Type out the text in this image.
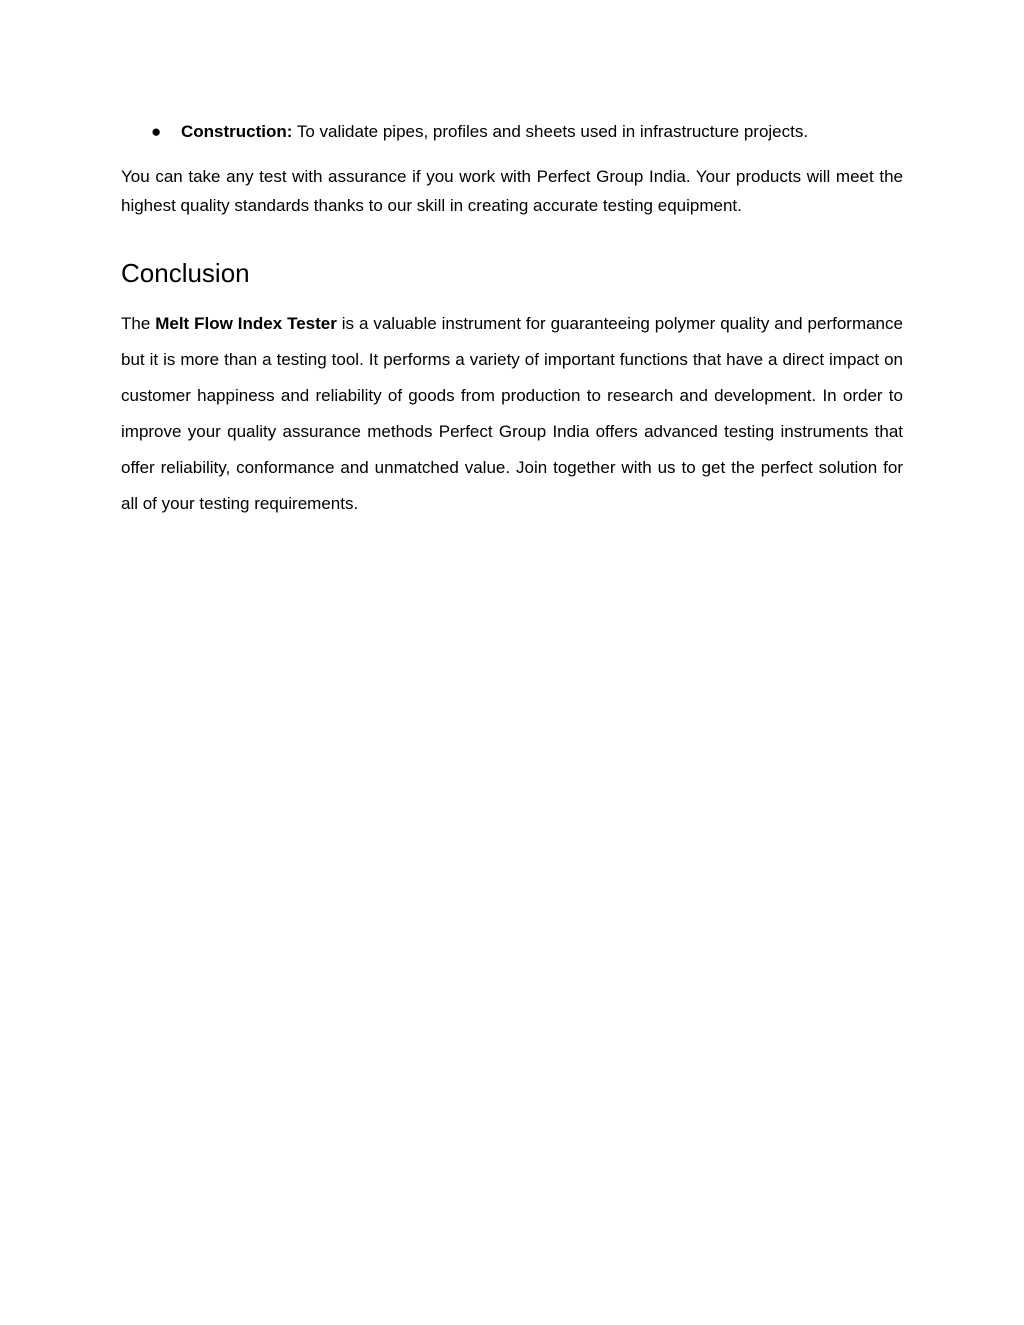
● Construction: To validate pipes, profiles and sheets used in infrastructure projects.

You can take any test with assurance if you work with Perfect Group India. Your products will meet the highest quality standards thanks to our skill in creating accurate testing equipment.

Conclusion

The Melt Flow Index Tester is a valuable instrument for guaranteeing polymer quality and performance but it is more than a testing tool. It performs a variety of important functions that have a direct impact on customer happiness and reliability of goods from production to research and development. In order to improve your quality assurance methods Perfect Group India offers advanced testing instruments that offer reliability, conformance and unmatched value. Join together with us to get the perfect solution for all of your testing requirements.
